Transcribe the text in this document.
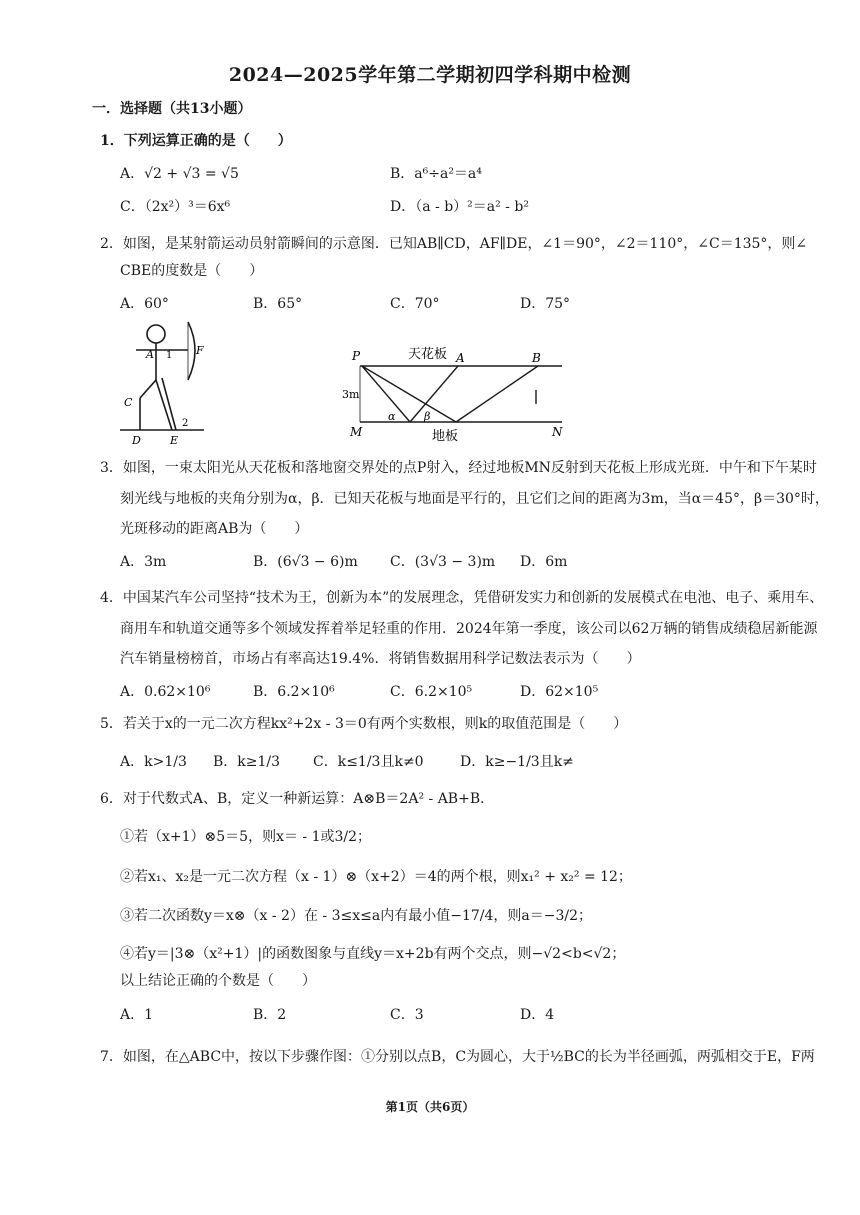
2024—2025学年第二学期初四学科期中检测
一．选择题（共13小题）
1．下列运算正确的是（　　）
A．√2 + √3 = √5	B．a⁶÷a²＝a⁴
C．（2x²）³＝6x⁶	D．（a - b）²＝a² - b²
2．如图，是某射箭运动员射箭瞬间的示意图．已知AB∥CD，AF∥DE，∠1＝90°，∠2＝110°，∠C＝135°，则∠
CBE的度数是（　　）
A．60°	B．65°	C．70°	D．75°
A 1 F
C
2
D	E
P	天花板 A	B
3m
α	β
M	地板	N
3．如图，一束太阳光从天花板和落地窗交界处的点P射入，经过地板MN反射到天花板上形成光斑．中午和下午某时
刻光线与地板的夹角分别为α，β．已知天花板与地面是平行的，且它们之间的距离为3m，当α＝45°，β＝30°时，
光斑移动的距离AB为（　　）
A．3m	B．(6√3 − 6)m C．(3√3 − 3)m D．6m
4．中国某汽车公司坚持“技术为王，创新为本”的发展理念，凭借研发实力和创新的发展模式在电池、电子、乘用车、
商用车和轨道交通等多个领域发挥着举足轻重的作用．2024年第一季度，该公司以62万辆的销售成绩稳居新能源
汽车销量榜榜首，市场占有率高达19.4%．将销售数据用科学记数法表示为（　　）
A．0.62×10⁶	B．6.2×10⁶	C．6.2×10⁵	D．62×10⁵
5．若关于x的一元二次方程kx²+2x - 3＝0有两个实数根，则k的取值范围是（　　）
A．k>1/3 B．k≥1/3 C．k≤1/3且k≠0	D．k≥−1/3且k≠
6．对于代数式A、B，定义一种新运算：A⊗B＝2A² - AB+B．
①若（x+1）⊗5＝5，则x＝ - 1或3/2；
②若x₁、x₂是一元二次方程（x - 1）⊗（x+2）＝4的两个根，则x₁² + x₂² = 12；
③若二次函数y＝x⊗（x - 2）在 - 3≤x≤a内有最小值−17/4，则a＝−3/2；
④若y＝|3⊗（x²+1）|的函数图象与直线y＝x+2b有两个交点，则−√2<b<√2；
以上结论正确的个数是（　　）
A．1	B．2	C．3	D．4
7．如图，在△ABC中，按以下步骤作图：①分别以点B，C为圆心，大于½BC的长为半径画弧，两弧相交于E，F两
第1页（共6页）
